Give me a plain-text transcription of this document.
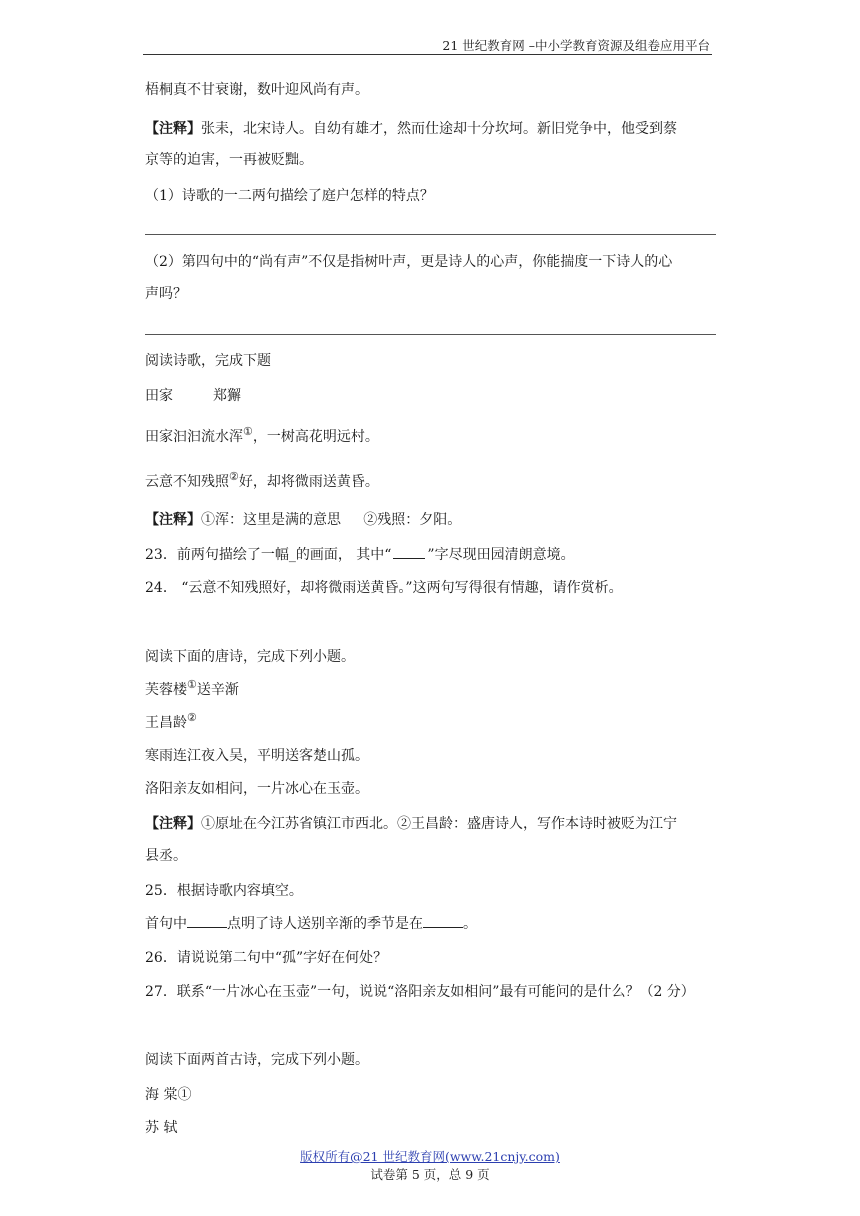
21 世纪教育网 –中小学教育资源及组卷应用平台
梧桐真不甘衰谢，数叶迎风尚有声。
【注释】张耒，北宋诗人。自幼有雄才，然而仕途却十分坎坷。新旧党争中，他受到蔡
京等的迫害，一再被贬黜。
（1）诗歌的一二两句描绘了庭户怎样的特点？
（2）第四句中的“尚有声”不仅是指树叶声，更是诗人的心声，你能揣度一下诗人的心
声吗？
阅读诗歌，完成下题
田家	郑獬
田家汩汩流水浑①，一树高花明远村。
云意不知残照②好，却将微雨送黄昏。
【注释】①浑：这里是满的意思     ②残照：夕阳。
23．前两句描绘了一幅_的画面， 其中“	”字尽现田园清朗意境。
24． “云意不知残照好，却将微雨送黄昏。”这两句写得很有情趣，请作赏析。
阅读下面的唐诗，完成下列小题。
芙蓉楼①送辛渐
王昌龄②
寒雨连江夜入吴，平明送客楚山孤。
洛阳亲友如相问，一片冰心在玉壶。
【注释】①原址在今江苏省镇江市西北。②王昌龄：盛唐诗人，写作本诗时被贬为江宁
县丞。
25．根据诗歌内容填空。
首句中	点明了诗人送别辛渐的季节是在	。
26．请说说第二句中“孤”字好在何处？
27．联系“一片冰心在玉壶”一句，说说“洛阳亲友如相问”最有可能问的是什么？（2 分）
阅读下面两首古诗，完成下列小题。
海 棠①
苏 轼
版权所有@21 世纪教育网(www.21cnjy.com)
试卷第 5 页，总 9 页
